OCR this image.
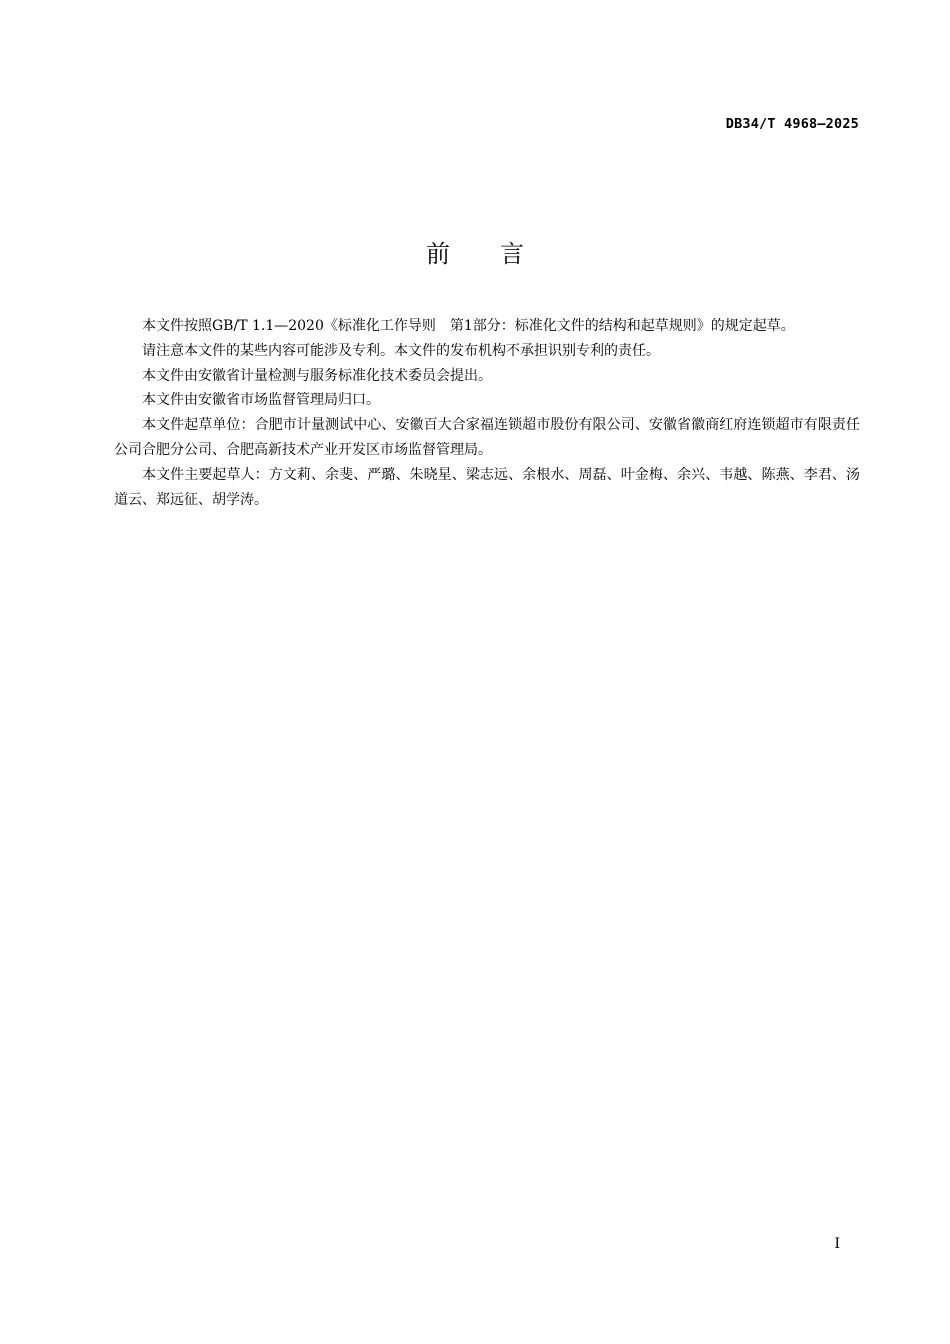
DB34/T 4968—2025
前言

本文件按照GB/T 1.1—2020《标准化工作导则　第1部分：标准化文件的结构和起草规则》的规定起草。

请注意本文件的某些内容可能涉及专利。本文件的发布机构不承担识别专利的责任。

本文件由安徽省计量检测与服务标准化技术委员会提出。

本文件由安徽省市场监督管理局归口。

本文件起草单位：合肥市计量测试中心、安徽百大合家福连锁超市股份有限公司、安徽省徽商红府连锁超市有限责任公司合肥分公司、合肥高新技术产业开发区市场监督管理局。

本文件主要起草人：方文莉、余斐、严璐、朱晓星、梁志远、余根水、周磊、叶金梅、余兴、韦越、陈燕、李君、汤道云、郑远征、胡学涛。

I
